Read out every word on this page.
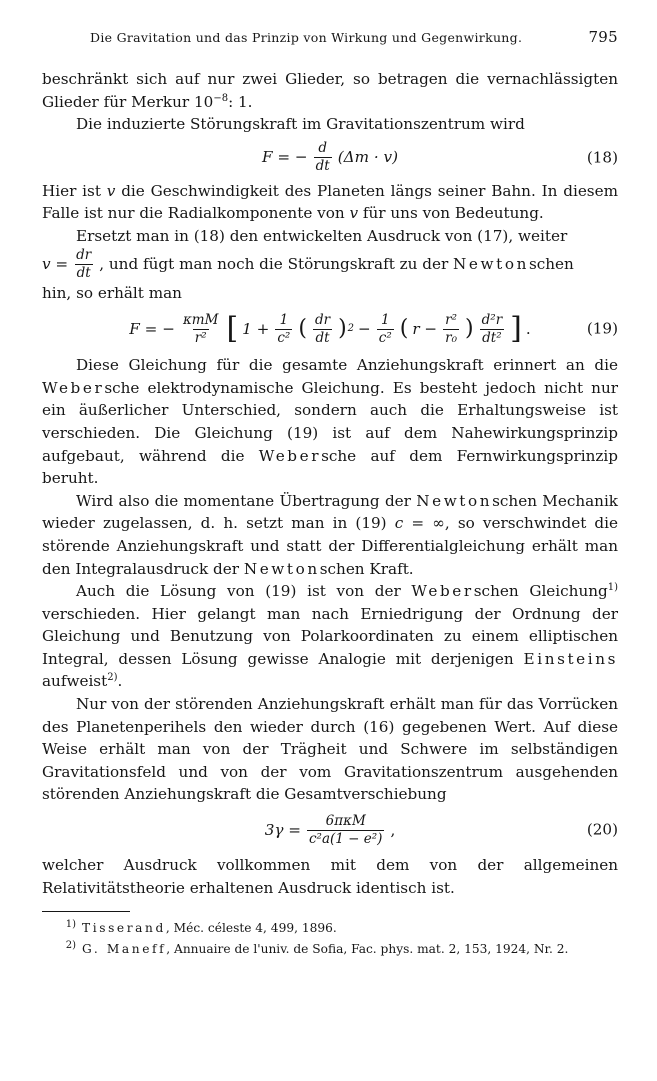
Die Gravitation und das Prinzip von Wirkung und Gegenwirkung.	795

beschränkt sich auf nur zwei Glieder, so betragen die vernachlässigten Glieder für Merkur $10^{-8}$: 1.

Die induzierte Störungskraft im Gravitationszentrum wird

F = − $\frac{d}{dt} (\Delta m \cdot v)$	(18)

Hier ist v die Geschwindigkeit des Planeten längs seiner Bahn. In diesem Falle ist nur die Radialkomponente von v für uns von Bedeutung.

Ersetzt man in (18) den entwickelten Ausdruck von (17), weiter

$v = \frac{dr}{dt}$ , und fügt man noch die Störungskraft zu der Newtonschen

hin, so erhält man

F = − $\frac{\text{κmM}}{\text{r²}}$ [ $1 + \frac{1}{\text{c²}}$ ( $\frac{dr}{dt}$ ) $2 - \frac{1}{\text{c²}}$ ( $r - \frac{\text{r²}}{\text{r₀}}$ ) $\frac{\text{d²r}}{\text{dt²}}$ ] .	(19)

Diese Gleichung für die gesamte Anziehungskraft erinnert an die Webersche elektrodynamische Gleichung. Es besteht jedoch nicht nur ein äußerlicher Unterschied, sondern auch die Erhaltungsweise ist verschieden. Die Gleichung (19) ist auf dem Nahewirkungsprinzip aufgebaut, während die Webersche auf dem Fernwirkungsprinzip beruht.

Wird also die momentane Übertragung der Newtonschen Mechanik wieder zugelassen, d. h. setzt man in (19) c = ∞, so verschwindet die störende Anziehungskraft und statt der Differentialgleichung erhält man den Integralausdruck der Newtonschen Kraft.

Auch die Lösung von (19) ist von der Weberschen Gleichung$^{1)}$ verschieden. Hier gelangt man nach Erniedrigung der Ordnung der Gleichung und Benutzung von Polarkoordinaten zu einem elliptischen Integral, dessen Lösung gewisse Analogie mit derjenigen Einsteins aufweist$^{2)}$.

Nur von der störenden Anziehungskraft erhält man für das Vorrücken des Planetenperihels den wieder durch (16) gegebenen Wert. Auf diese Weise erhält man von der Trägheit und Schwere im selbständigen Gravitationsfeld und von der vom Gravitationszentrum ausgehenden störenden Anziehungskraft die Gesamtverschiebung

$3\gamma = \frac{\text{6πκM}}{\text{c²a(1 − e²)}}$ ,	(20)

welcher Ausdruck vollkommen mit dem von der allgemeinen Relativitätstheorie erhaltenen Ausdruck identisch ist.

$^{1)}$ Tisserand, Méc. céleste 4, 499, 1896.

$^{2)}$ G. Manеff, Annuaire de l'univ. de Sofia, Fac. phys. mat. 2, 153, 1924, Nr. 2.
